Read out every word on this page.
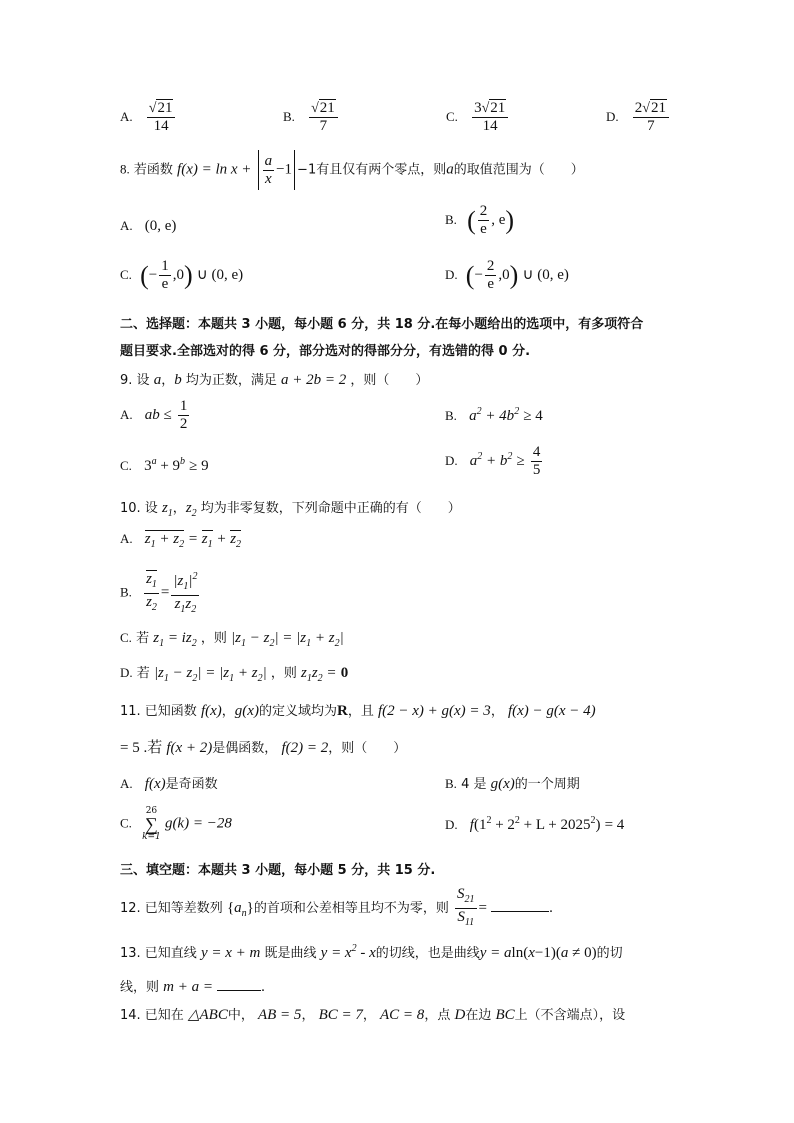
A. $\frac{√21}{14}$	B. $\frac{√21}{7}$	C. $\frac{3√21}{14}$	D. $\frac{2√21}{7}$
8. 若函数 $f(x) = \ln x + \frac{a}{x} -1 -1$有且仅有两个零点，则a的取值范围为（　　）
A. (0, e)	B. ( $\frac{2}{e}$ , e)
C. (− $\frac{1}{e} ,0$) ∪ (0, e)	D. (− $\frac{2}{e} ,0$) ∪ (0, e)
二、选择题：本题共 3 小题，每小题 6 分，共 18 分.在每小题给出的选项中，有多项符合
题目要求.全部选对的得 6 分，部分选对的得部分分，有选错的得 0 分.
9. 设 a，b 均为正数，满足 a + 2b = 2 ，则（　　）
A. ab ≤ $\frac{1}{2}$	B. $a^2 + 4b^2 \ge 4$
C. $3^a + 9^b \ge 9$	D. $a^2 + b^2 \ge \frac{4}{5}$
10. 设 $z_1$，$z_2$ 均为非零复数，下列命题中正确的有（　　）
A. $z_1 + z_2 = z_1 + z_2$
B. $\frac{z_1}{z_2} = \frac{|z_1|^2}{z_1z_2}$
C. 若 $z_1 = iz_2$ ，则 $|z_1 - z_2| = |z_1 + z_2|$
D. 若 $|z_1 - z_2| = |z_1 + z_2|$ ，则 $z_1z_2 = 0$
11. 已知函数 f(x)，g(x)的定义域均为R，且 f(2 − x) + g(x) = 3， f(x) − g(x − 4)
= 5 .若 f(x + 2)是偶函数， f(2) = 2，则（　　）
A. f(x)是奇函数	B. 4 是 g(x)的一个周期
C.
26
∑
k=1
g(k) = −28	D. $f(1^2 + 2^2 + L + 2025^2) = 4$
三、填空题：本题共 3 小题，每小题 5 分，共 15 分.
12. 已知等差数列 $\{a_n\}$的首项和公差相等且均不为零，则 $\frac{S_{21}}{S_{11}}$ =	.
13. 已知直线 y = x + m 既是曲线 $y = x^2 - x$的切线，也是曲线y = aln(x−1)(a ≠ 0)的切
线，则 m + a =	.
14. 已知在 △ABC中， AB = 5， BC = 7， AC = 8，点 D在边 BC上（不含端点），设
